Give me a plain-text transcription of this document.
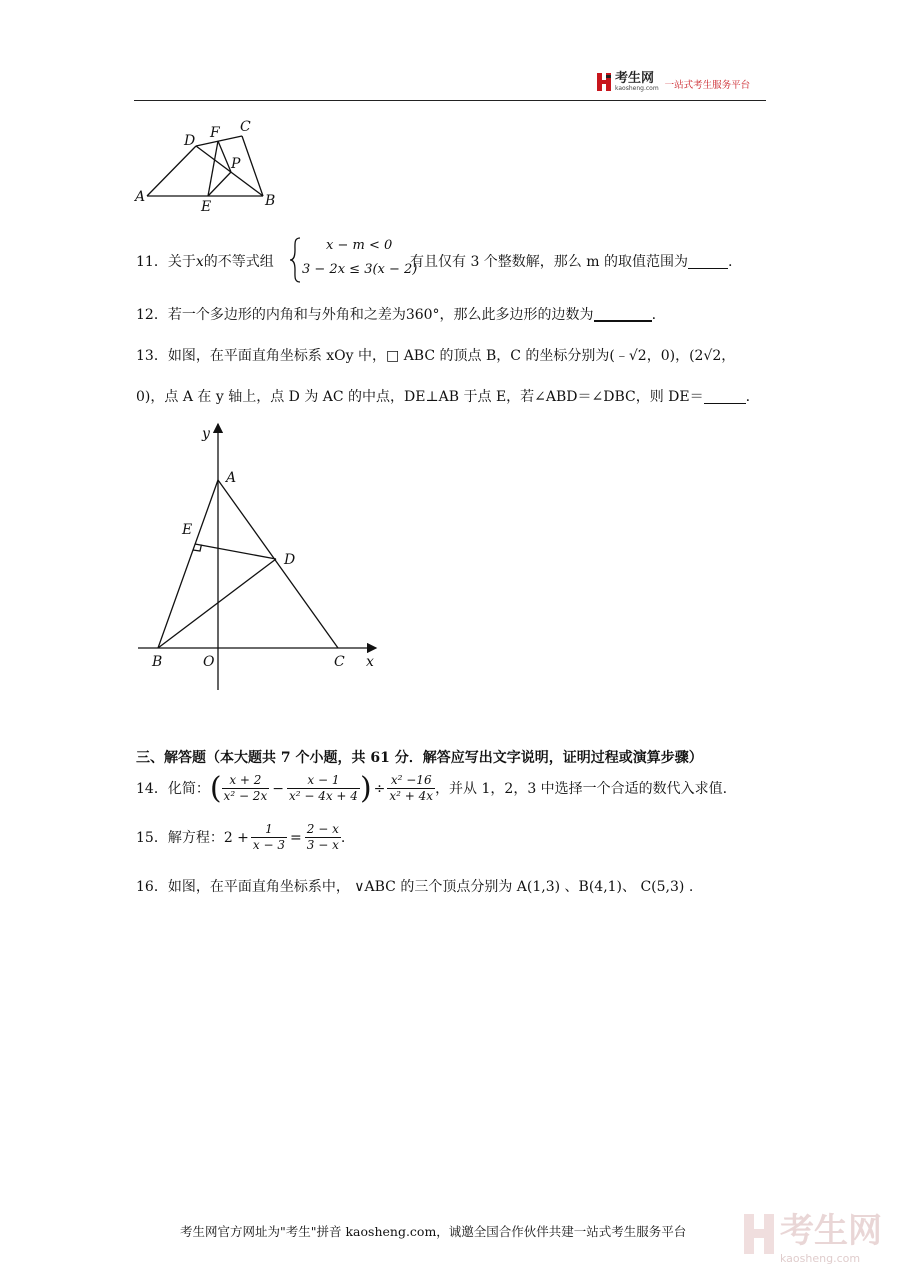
考生网
kaosheng.com 一站式考生服务平台
D F C
P
A
E	B
11．关于x的不等式组
x − m < 0
3 − 2x ≤ 3(x − 2)
有且仅有 3 个整数解，那么 m 的取值范围为	.
12．若一个多边形的内角和与外角和之差为360°，那么此多边形的边数为	.
13．如图，在平面直角坐标系 xOy 中，□ ABC 的顶点 B，C 的坐标分别为(﹣√2，0)，(2√2，
0)，点 A 在 y 轴上，点 D 为 AC 的中点，DE⊥AB 于点 E，若∠ABD＝∠DBC，则 DE＝	.
y
A
E
D
B	O	C x
三、解答题（本大题共 7 个小题，共 61 分．解答应写出文字说明，证明过程或演算步骤）
14． 化简： ( $\frac{x + 2}{\text{x² − 2x}} - \frac{x - 1}{\text{x² − 4x + 4}}$ ) ÷ $\frac{\text{x² −16}}{\text{x² + 4x}}$ ，并从 1，2，3 中选择一个合适的数代入求值.
15． 解方程： $2 + \frac{1}{x - 3} = \frac{2 - x}{3 - x}$ .
16．如图，在平面直角坐标系中， ∨ABC 的三个顶点分别为 A(1,3) 、B(4,1)、 C(5,3) .
考生网官方网址为"考生"拼音 kaosheng.com，诚邀全国合作伙伴共建一站式考生服务平台	考生网
kaosheng.com
